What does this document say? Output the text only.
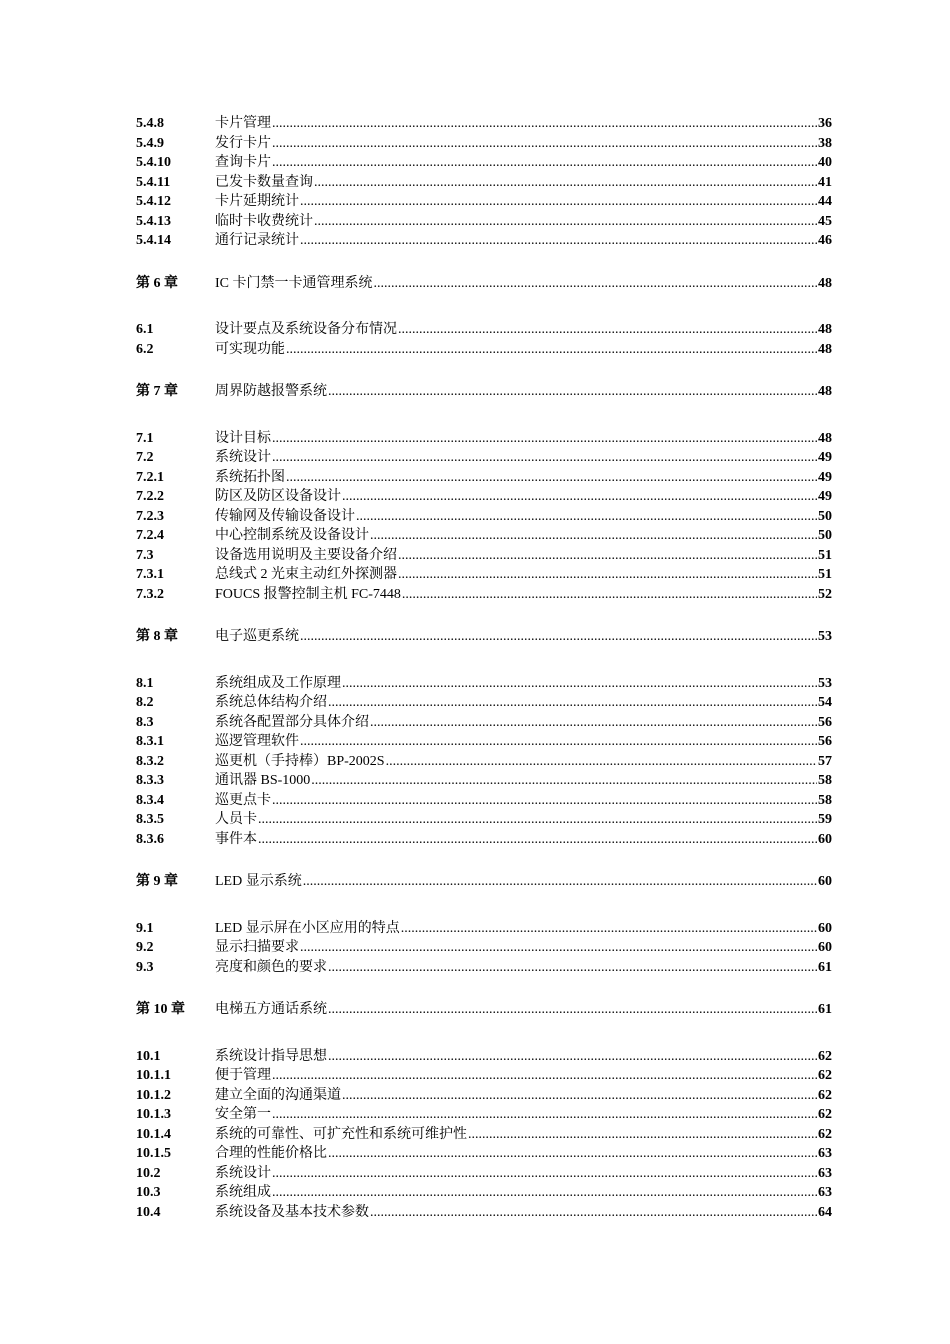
5.4.8	卡片管理 .....	36
5.4.9	发行卡片 .....	38
5.4.10	查询卡片 .....	40
5.4.11	已发卡数量查询 .....	41
5.4.12	卡片延期统计 .....	44
5.4.13	临时卡收费统计 .....	45
5.4.14	通行记录统计 .....	46
第 6 章	IC 卡门禁一卡通管理系统 .....	48
6.1	设计要点及系统设备分布情况 .....	48
6.2	可实现功能 .....	48
第 7 章	周界防越报警系统 .....	48
7.1	设计目标 .....	48
7.2	系统设计 .....	49
7.2.1	系统拓扑图 .....	49
7.2.2	防区及防区设备设计 .....	49
7.2.3	传输网及传输设备设计 .....	50
7.2.4	中心控制系统及设备设计 .....	50
7.3	设备选用说明及主要设备介绍 .....	51
7.3.1	总线式 2 光束主动红外探测器 .....	51
7.3.2	FOUCS 报警控制主机 FC-7448 .....	52
第 8 章	电子巡更系统 .....	53
8.1	系统组成及工作原理 .....	53
8.2	系统总体结构介绍 .....	54
8.3	系统各配置部分具体介绍 .....	56
8.3.1	巡逻管理软件 .....	56
8.3.2	巡更机（手持棒）BP-2002S .....	57
8.3.3	通讯器 BS-1000 .....	58
8.3.4	巡更点卡 .....	58
8.3.5	人员卡 .....	59
8.3.6	事件本 .....	60
第 9 章	LED 显示系统 .....	60
9.1	LED 显示屏在小区应用的特点 .....	60
9.2	显示扫描要求 .....	60
9.3	亮度和颜色的要求 .....	61
第 10 章	电梯五方通话系统 .....	61
10.1	系统设计指导思想 .....	62
10.1.1	便于管理 .....	62
10.1.2	建立全面的沟通渠道 .....	62
10.1.3	安全第一 .....	62
10.1.4	系统的可靠性、可扩充性和系统可维护性 .....	62
10.1.5	合理的性能价格比 .....	63
10.2	系统设计 .....	63
10.3	系统组成 .....	63
10.4	系统设备及基本技术参数 .....	64
